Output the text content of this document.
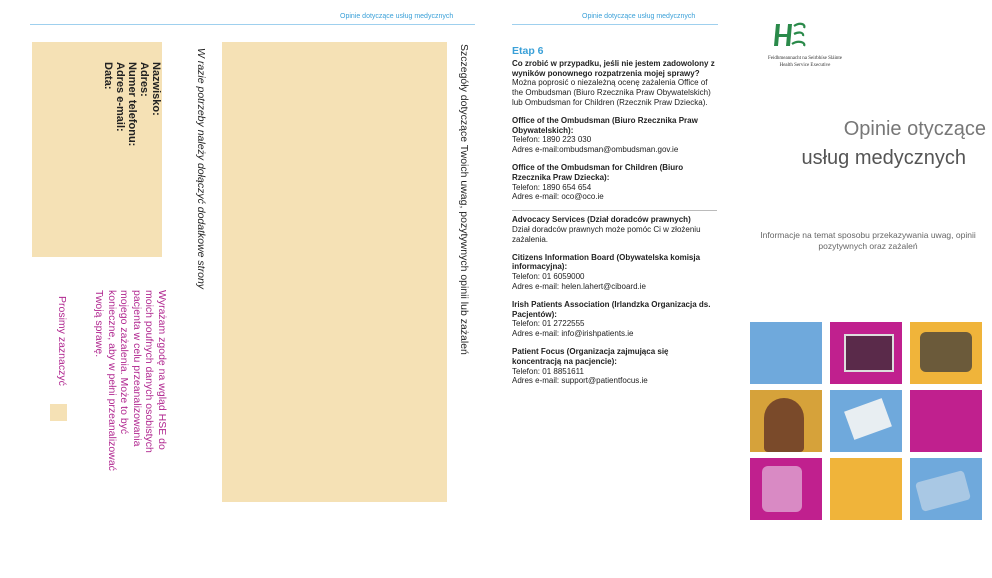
Opinie dotyczące usług medycznych
Nazwisko:
Adres:
Numer telefonu:
Adres e-mail:
Data:
Wyrażam zgodę na wgląd HSE do
moich poufnych danych osobistych
pacjenta w celu przeanalizowania
mojego zażalenia. Może to być
konieczne, aby w pełni przeanalizować
Twoją sprawę.
Prosimy zaznaczyć	Szczegóły dotyczące Twoich uwag, pozytywnych opinii lub zażaleń
W razie potrzeby należy dołączyć dodatkowe strony
Opinie dotyczące usług medycznych
Etap 6
Co zrobić w przypadku, jeśli nie jestem zadowolony z wyników ponownego rozpatrzenia mojej sprawy?
Można poprosić o niezależną ocenę zażalenia Office of the Ombudsman (Biuro Rzecznika Praw Obywatelskich) lub Ombudsman for Children (Rzecznik Praw Dziecka).
Office of the Ombudsman (Biuro Rzecznika Praw Obywatelskich):
Telefon: 1890 223 030
Adres e-mail:ombudsman@ombudsman.gov.ie
Office of the Ombudsman for Children (Biuro Rzecznika Praw Dziecka):
Telefon: 1890 654 654
Adres e-mail: oco@oco.ie
Advocacy Services (Dział doradców prawnych)
Dział doradców prawnych może pomóc Ci w złożeniu zażalenia.
Citizens Information Board (Obywatelska komisja informacyjna):
Telefon: 01 6059000
Adres e-mail: helen.lahert@ciboard.ie
Irish Patients Association (Irlandzka Organizacja ds. Pacjentów):
Telefon: 01 2722555
Adres e-mail: info@irishpatients.ie
Patient Focus (Organizacja zajmująca się koncentracją na pacjencie):
Telefon: 01 8851611
Adres e-mail: support@patientfocus.ie
Feidhmeannacht na Seirbhíse Sláinte
Health Service Executive
Opinie otyczące
usług medycznych
Informacje na temat sposobu przekazywania uwag, opinii pozytywnych oraz zażaleń
